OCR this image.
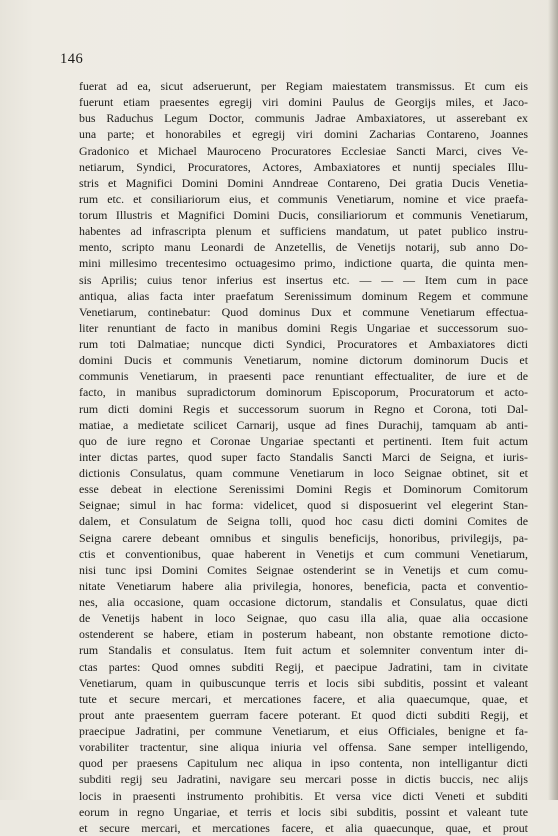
146
fuerat ad ea, sicut adseruerunt, per Regiam maiestatem transmissus. Et cum eis
fuerunt etiam praesentes egregij viri domini Paulus de Georgijs miles, et Jaco-
bus Raduchus Legum Doctor, communis Jadrae Ambaxiatores, ut asserebant ex
una parte; et honorabiles et egregij viri domini Zacharias Contareno, Joannes
Gradonico et Michael Mauroceno Procuratores Ecclesiae Sancti Marci, cives Ve-
netiarum, Syndici, Procuratores, Actores, Ambaxiatores et nuntij speciales Illu-
stris et Magnifici Domini Domini Anndreae Contareno, Dei gratia Ducis Venetia-
rum etc. et consiliariorum eius, et communis Venetiarum, nomine et vice praefa-
torum Illustris et Magnifici Domini Ducis, consiliariorum et communis Venetiarum,
habentes ad infrascripta plenum et sufficiens mandatum, ut patet publico instru-
mento, scripto manu Leonardi de Anzetellis, de Venetijs notarij, sub anno Do-
mini millesimo trecentesimo octuagesimo primo, indictione quarta, die quinta men-
sis Aprilis; cuius tenor inferius est insertus etc. — — — Item cum in pace
antiqua, alias facta inter praefatum Serenissimum dominum Regem et commune
Venetiarum, continebatur: Quod dominus Dux et commune Venetiarum effectua-
liter renuntiant de facto in manibus domini Regis Ungariae et successorum suo-
rum toti Dalmatiae; nuncque dicti Syndici, Procuratores et Ambaxiatores dicti
domini Ducis et communis Venetiarum, nomine dictorum dominorum Ducis et
communis Venetiarum, in praesenti pace renuntiant effectualiter, de iure et de
facto, in manibus supradictorum dominorum Episcoporum, Procuratorum et acto-
rum dicti domini Regis et successorum suorum in Regno et Corona, toti Dal-
matiae, a medietate scilicet Carnarij, usque ad fines Durachij, tamquam ab anti-
quo de iure regno et Coronae Ungariae spectanti et pertinenti. Item fuit actum
inter dictas partes, quod super facto Standalis Sancti Marci de Seigna, et iuris-
dictionis Consulatus, quam commune Venetiarum in loco Seignae obtinet, sit et
esse debeat in electione Serenissimi Domini Regis et Dominorum Comitorum
Seignae; simul in hac forma: videlicet, quod si disposuerint vel elegerint Stan-
dalem, et Consulatum de Seigna tolli, quod hoc casu dicti domini Comites de
Seigna carere debeant omnibus et singulis beneficijs, honoribus, privilegijs, pa-
ctis et conventionibus, quae haberent in Venetijs et cum communi Venetiarum,
nisi tunc ipsi Domini Comites Seignae ostenderint se in Venetijs et cum comu-
nitate Venetiarum habere alia privilegia, honores, beneficia, pacta et conventio-
nes, alia occasione, quam occasione dictorum, standalis et Consulatus, quae dicti
de Venetijs habent in loco Seignae, quo casu illa alia, quae alia occasione
ostenderent se habere, etiam in posterum habeant, non obstante remotione dicto-
rum Standalis et consulatus. Item fuit actum et solemniter conventum inter di-
ctas partes: Quod omnes subditi Regij, et paecipue Jadratini, tam in civitate
Venetiarum, quam in quibuscunque terris et locis sibi subditis, possint et valeant
tute et secure mercari, et mercationes facere, et alia quaecumque, quae, et
prout ante praesentem guerram facere poterant. Et quod dicti subditi Regij, et
praecipue Jadratini, per commune Venetiarum, et eius Officiales, benigne et fa-
vorabiliter tractentur, sine aliqua iniuria vel offensa. Sane semper intelligendo,
quod per praesens Capitulum nec aliqua in ipso contenta, non intelligantur dicti
subditi regij seu Jadratini, navigare seu mercari posse in dictis buccis, nec alijs
locis in praesenti instrumento prohibitis. Et versa vice dicti Veneti et subditi
eorum in regno Ungariae, et terris et locis sibi subditis, possint et valeant tute
et secure mercari, et mercationes facere, et alia quaecunque, quae, et prout
